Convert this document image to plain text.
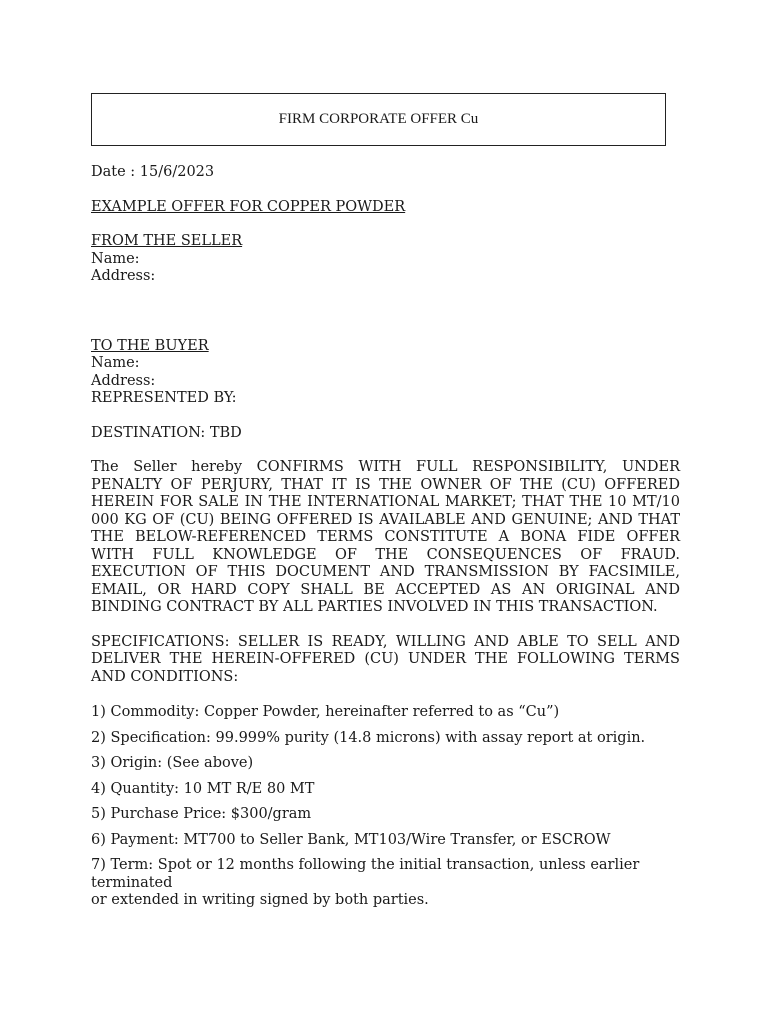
FIRM CORPORATE OFFER Cu

Date : 15/6/2023

EXAMPLE OFFER FOR COPPER POWDER

FROM THE SELLER

Name:

Address:

TO THE BUYER

Name:

Address:

REPRESENTED BY:

DESTINATION: TBD

The Seller hereby CONFIRMS WITH FULL RESPONSIBILITY, UNDER PENALTY OF PERJURY, THAT IT IS THE OWNER OF THE (CU) OFFERED HEREIN FOR SALE IN THE INTERNATIONAL MARKET; THAT THE 10 MT/10 000 KG OF (CU) BEING OFFERED IS AVAILABLE AND GENUINE; AND THAT THE BELOW-REFERENCED TERMS CONSTITUTE A BONA FIDE OFFER WITH FULL KNOWLEDGE OF THE CONSEQUENCES OF FRAUD. EXECUTION OF THIS DOCUMENT AND TRANSMISSION BY FACSIMILE, EMAIL, OR HARD COPY SHALL BE ACCEPTED AS AN ORIGINAL AND BINDING CONTRACT BY ALL PARTIES INVOLVED IN THIS TRANSACTION.

SPECIFICATIONS: SELLER IS READY, WILLING AND ABLE TO SELL AND DELIVER THE HEREIN-OFFERED (CU) UNDER THE FOLLOWING TERMS AND CONDITIONS:

1) Commodity: Copper Powder, hereinafter referred to as “Cu”)

2) Specification: 99.999% purity (14.8 microns) with assay report at origin.

3) Origin: (See above)

4) Quantity: 10 MT R/E 80 MT

5) Purchase Price: $300/gram

6) Payment: MT700 to Seller Bank, MT103/Wire Transfer, or ESCROW

7) Term: Spot or 12 months following the initial transaction, unless earlier terminated
or extended in writing signed by both parties.
